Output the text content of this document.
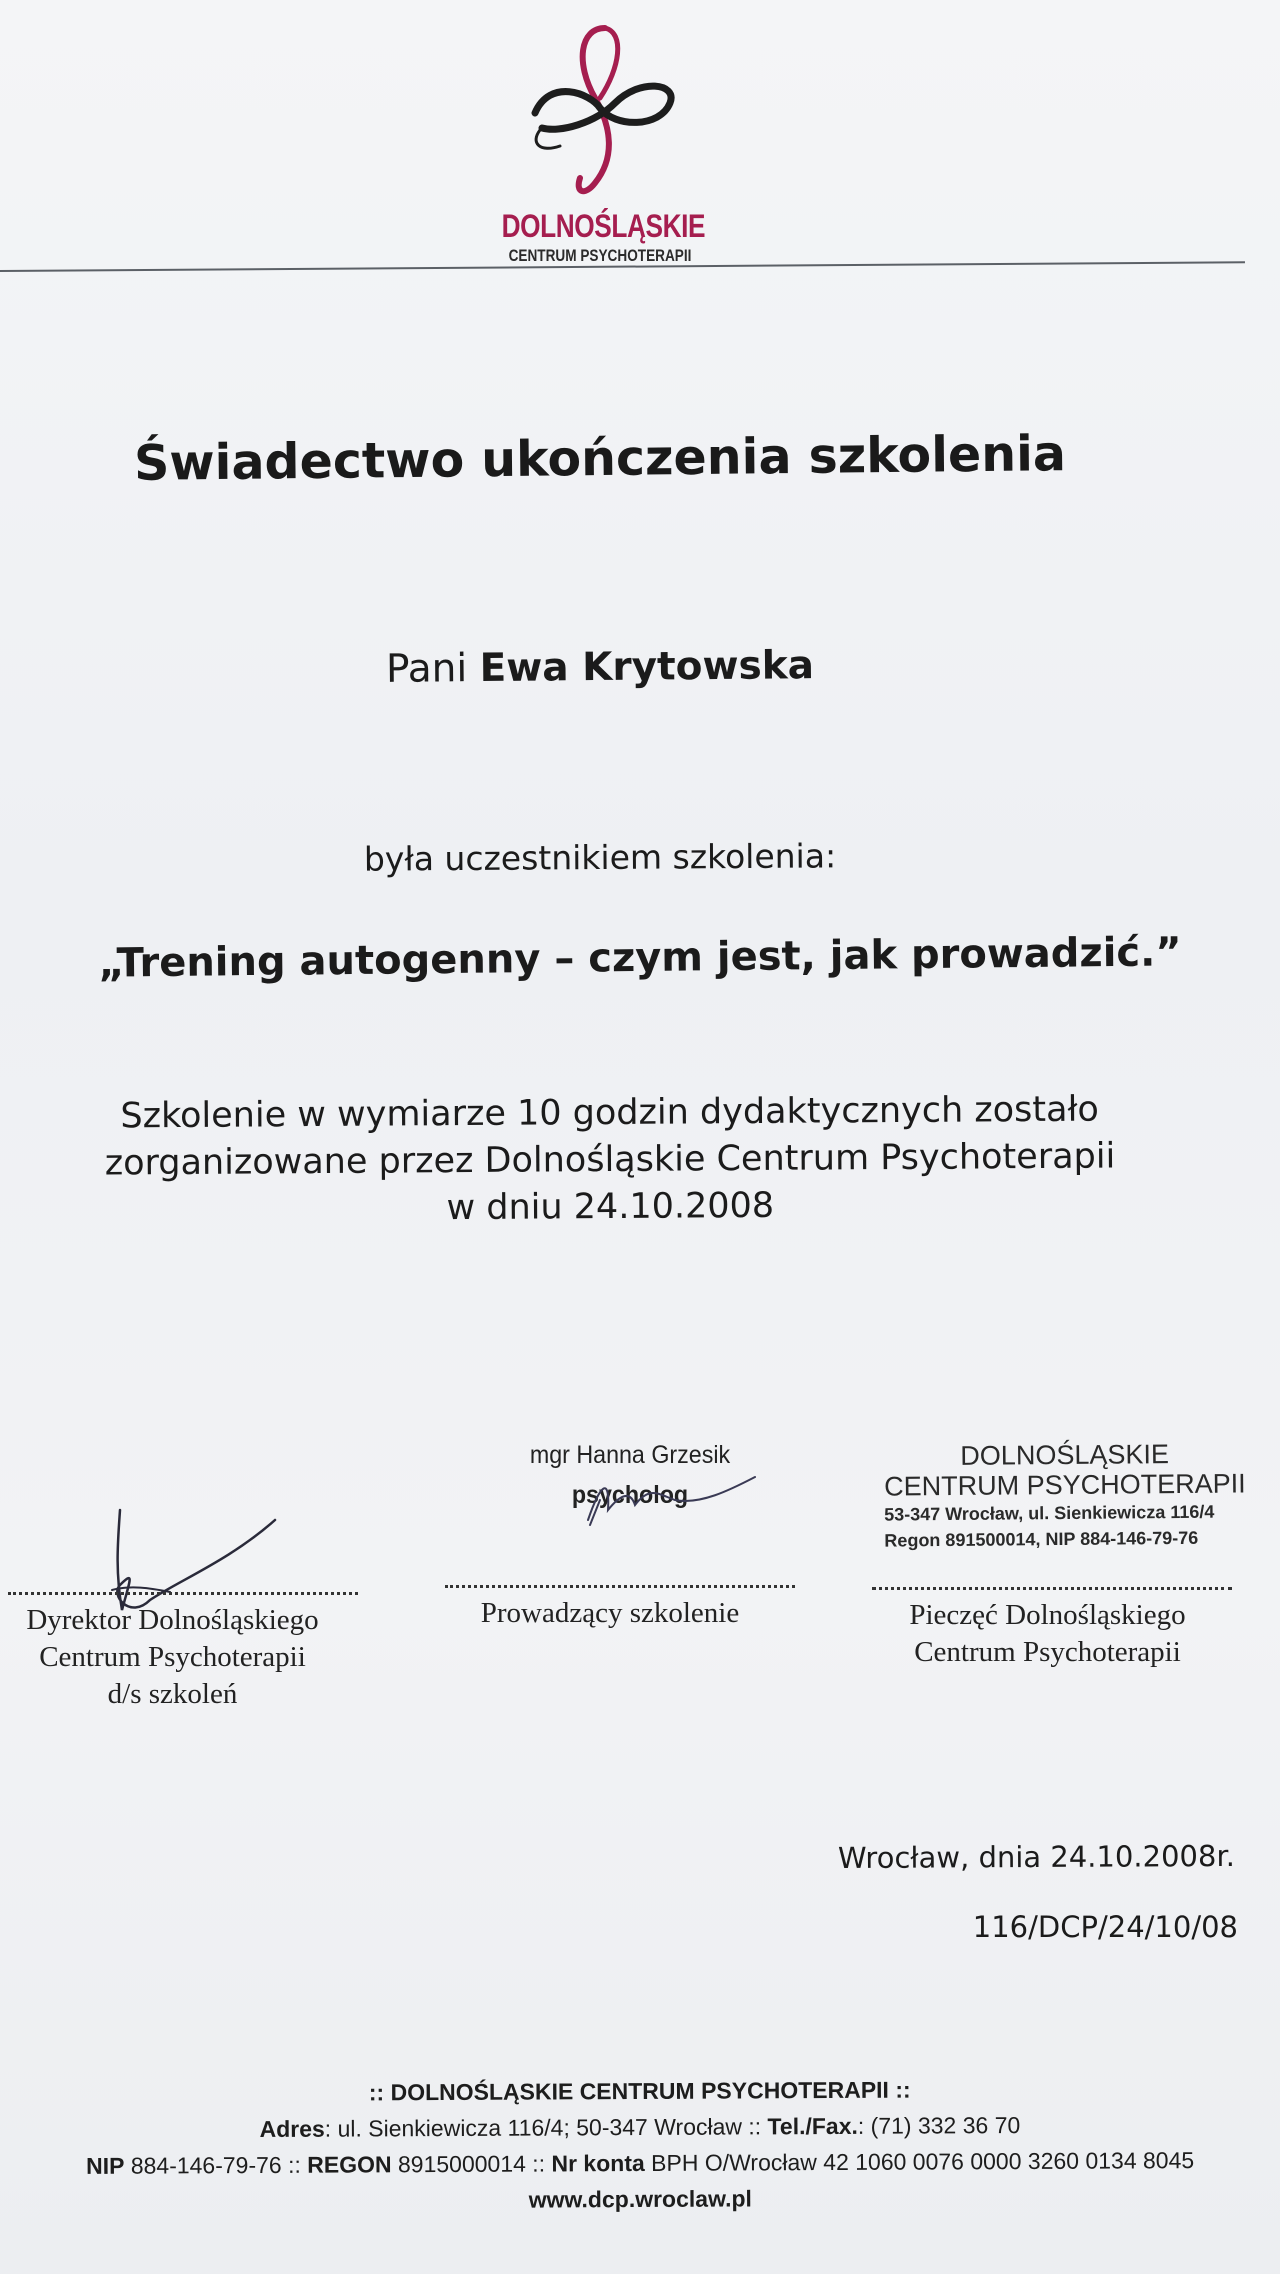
DOLNOŚLĄSKIE
CENTRUM PSYCHOTERAPII
Świadectwo ukończenia szkolenia
Pani Ewa Krytowska
była uczestnikiem szkolenia:
„Trening autogenny – czym jest, jak prowadzić.”
Szkolenie w wymiarze 10 godzin dydaktycznych zostało
zorganizowane przez Dolnośląskie Centrum Psychoterapii
w dniu 24.10.2008
Dyrektor Dolnośląskiego
Centrum Psychoterapii
d/s szkoleń
mgr Hanna Grzesik
psycholog
Prowadzący szkolenie
DOLNOŚLĄSKIE
CENTRUM PSYCHOTERAPII
53-347 Wrocław, ul. Sienkiewicza 116/4
Regon 891500014, NIP 884-146-79-76
Pieczęć Dolnośląskiego
Centrum Psychoterapii
Wrocław, dnia 24.10.2008r.
116/DCP/24/10/08
:: DOLNOŚLĄSKIE CENTRUM PSYCHOTERAPII ::
Adres: ul. Sienkiewicza 116/4; 50-347 Wrocław :: Tel./Fax.: (71) 332 36 70
NIP 884-146-79-76 :: REGON 8915000014 :: Nr konta BPH O/Wrocław 42 1060 0076 0000 3260 0134 8045
www.dcp.wroclaw.pl
